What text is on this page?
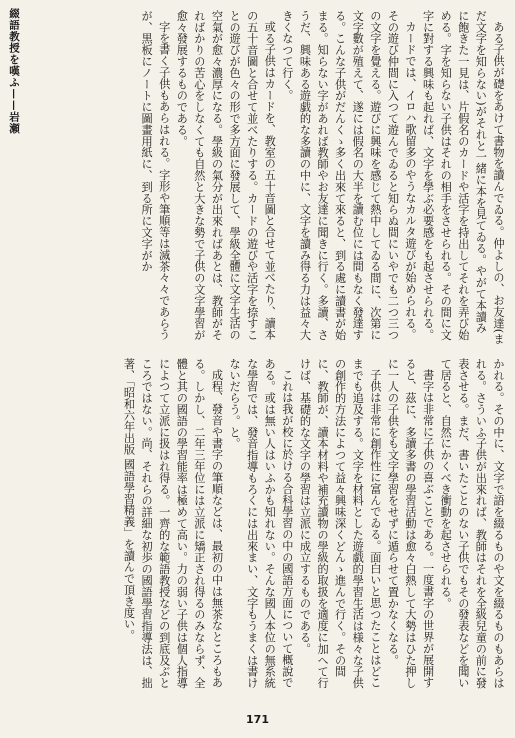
綴語教授を嘆ふ——岩瀬	ある子供が礎をあけて書物を讀んでゐる。仲よしの、お友達(まだ文字を知らない)がそれと一緒に本を見てゐる。やがて本讀みに飽きた一見は、片假名のカードや活字を持出してそれを弄び始める。字を知らない子供はそれの相手をさせられる。その間に文字に對する興味も起れば、文字を學ぶ必要感をも起させられる。

カードでは、イロハ歌留多のやうなカルタ遊びが始められる。その遊び仲間に入つて遊んでゐると知らぬ間にいやでも二つ三つの文字を覺える。遊びに興味を感じて熱中してゐる間に、次第に文字數が殖えて、遂には假名の大半を讀む位には間もなく發達する。こんな子供がだんくゝ多く出來て來ると、到る處に讀書が始まる。知らない字があれば教師やお友達に聞きに行く。多讀、さうだ、興味ある遊戯的な多讀の中に、文字を讀み得る力は益々大きくなつて行く。

或る子供はカードを、教室の五十音圖と合せて並べたり、讀本の五十音圖と合せて並べたりする。カードの遊びや活字を捺すことの遊びが色々の形で多方面に發展して、學級全體に文字生活の空氣が愈々濃厚になる。學級の氣分が出來ればあとは、教師がそればかりの苦心をしなくても自然と大きな勢で子供の文字學習が愈々發展するものである。

字を書く子供もあらはれる。字形や筆順等は滅茶々々であらうが、黒板にノートに圖畫用紙に、到る所に文字がか

かれる。その中に、文字で語を綴るものや文を綴るものもあらはれる。さういふ子供が出來れば、教師はそれを全級兒童の前に發表させる。まだ、書いたことのない子供でもその發表などを聞いて居ると、自然にかくべき衝動を起させられる。

書字は非常に子供の喜ぶことである。一度書字の世界が展開すると、茲に、多讀多書の學習活動は愈々白熱して大勢はひた押しに一人の子供をも文字學習をせずに遁らせて置かなくなる。

子供は非常に創作性に富んでゐる。面白いと思つたことはどこまでも追及する。文字を材料とした遊戯的學習生活は様々な子供の創作的方法によつて益々興味深くどんゝ進んで行く。その間に、教師が、讀本材料や補充讀物の學級的取扱を適度に加へて行けば、基礎的な文字の學習は立派に成立するものである。

これは我が校に於ける合科學習の中の國語方面について概說である。或は無い人はいふかも知れない。そんな國人本位の無系統な學習では、發音指導もろくには出來まい、文字もうまくは書けないだらう。と。

成程、發音や書字の筆順などは、最初の中は無茶なところもある。しかし、二年三年位には立派に矯正され得るのみならず、全體と其の國語の學習能率は極めて高い。力の弱い子供は個人指導によつて立派に扱はれ得る。一齊的な範語教授などの到底及ぶところではない。尚、それらの詳細な初歩の國語學習指導法は、拙著、「昭和六年出版 國語學習精義」を讀んで頂き度い。

171
